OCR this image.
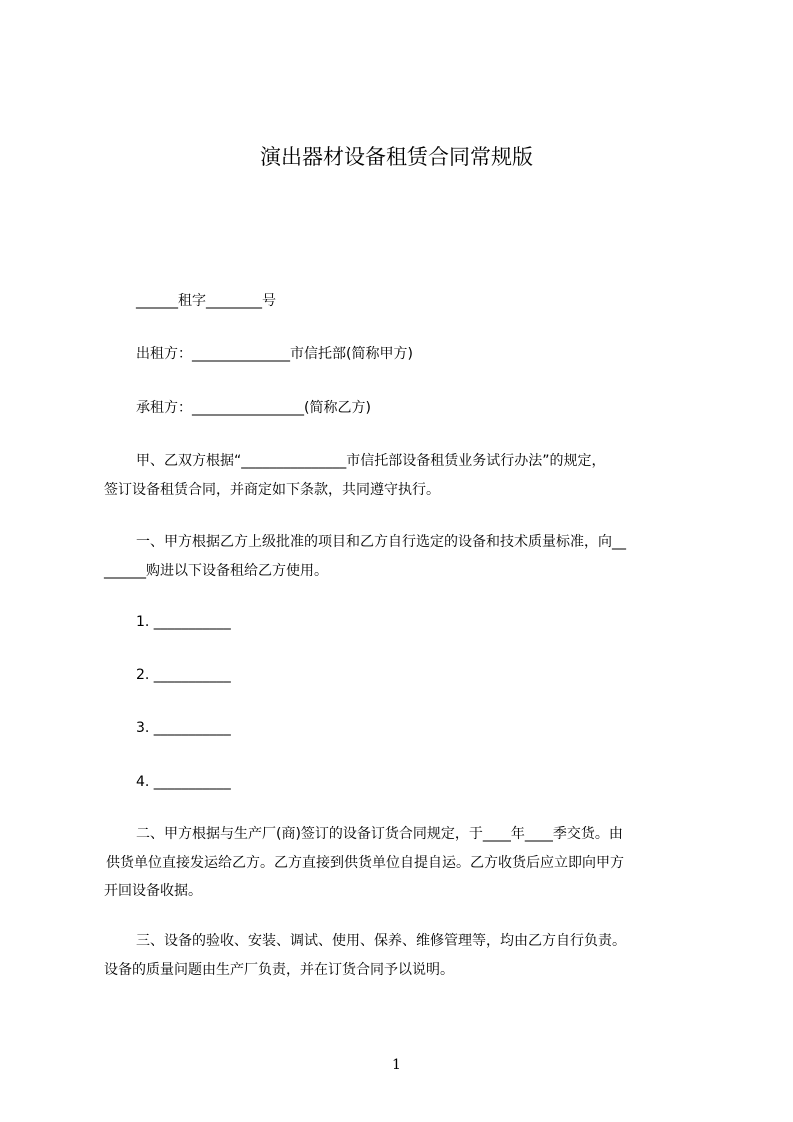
演出器材设备租赁合同常规版
______租字________号
出租方：______________市信托部(简称甲方)
承租方：________________(简称乙方)
甲、乙双方根据“_______________市信托部设备租赁业务试行办法”的规定，
签订设备租赁合同，并商定如下条款，共同遵守执行。
一、甲方根据乙方上级批准的项目和乙方自行选定的设备和技术质量标准，向__
______购进以下设备租给乙方使用。
1. ___________
2. ___________
3. ___________
4. ___________
二、甲方根据与生产厂(商)签订的设备订货合同规定，于____年____季交货。由
供货单位直接发运给乙方。乙方直接到供货单位自提自运。乙方收货后应立即向甲方
开回设备收据。
三、设备的验收、安装、调试、使用、保养、维修管理等，均由乙方自行负责。
设备的质量问题由生产厂负责，并在订货合同予以说明。
1
